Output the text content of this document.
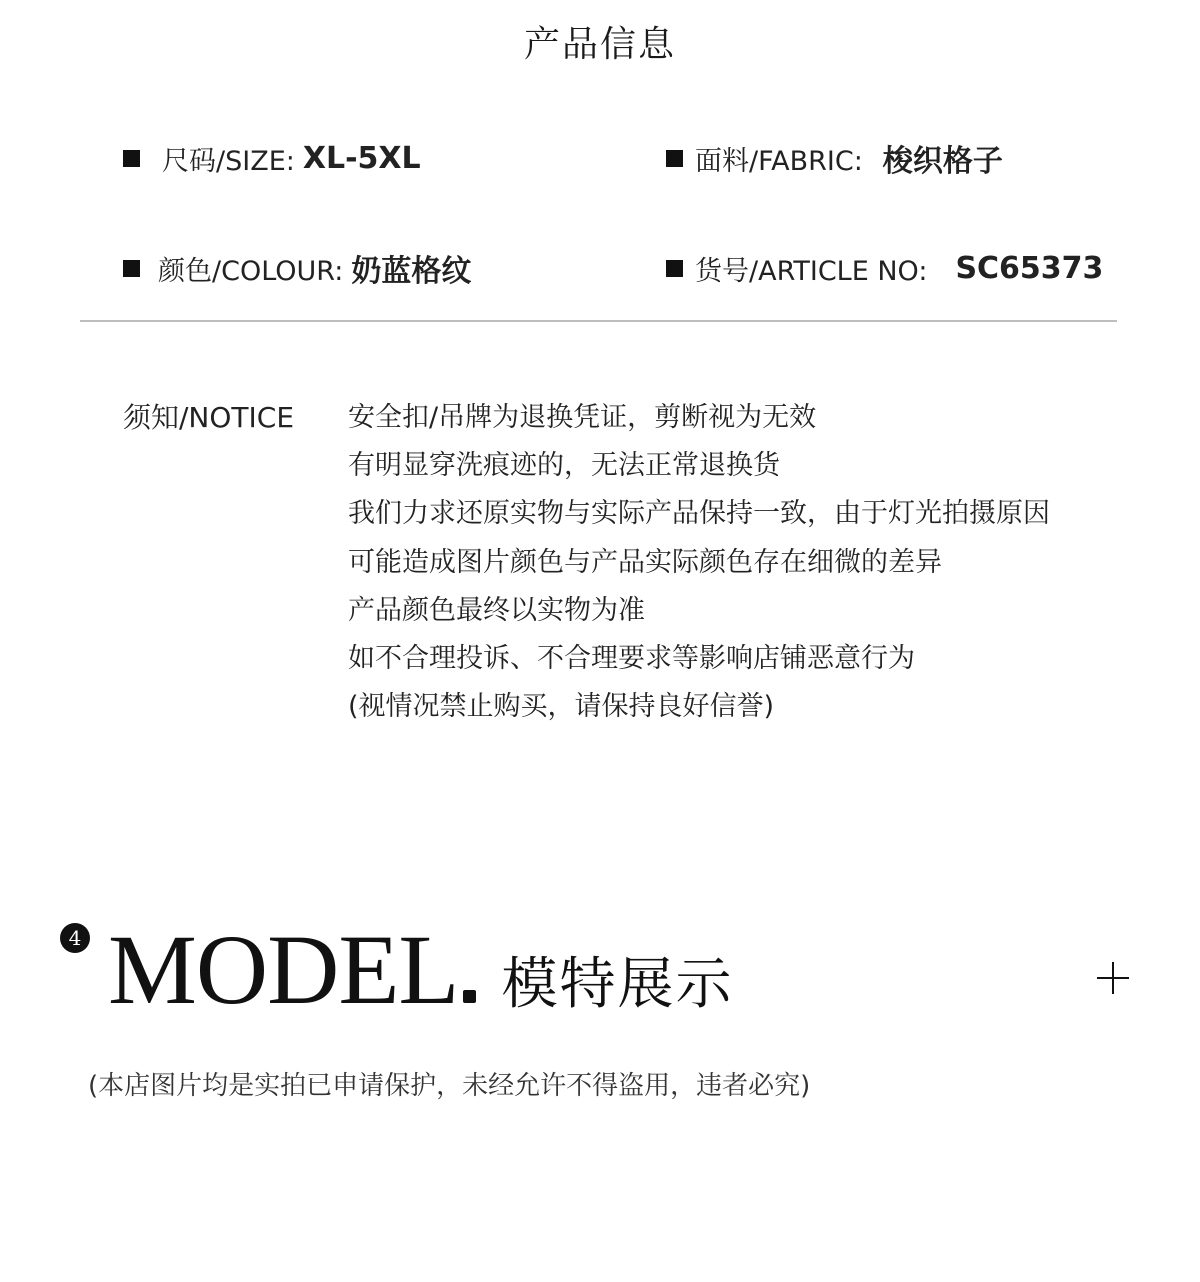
产品信息
尺码/SIZE: XL-5XL	面料/FABRIC: 梭织格子
颜色/COLOUR: 奶蓝格纹	货号/ARTICLE NO: SC65373
须知/NOTICE 安全扣/吊牌为退换凭证，剪断视为无效
有明显穿洗痕迹的，无法正常退换货
我们力求还原实物与实际产品保持一致，由于灯光拍摄原因
可能造成图片颜色与产品实际颜色存在细微的差异
产品颜色最终以实物为准
如不合理投诉、不合理要求等影响店铺恶意行为
(视情况禁止购买，请保持良好信誉)
4 MODEL 模特展示
(本店图片均是实拍已申请保护，未经允许不得盗用，违者必究)
